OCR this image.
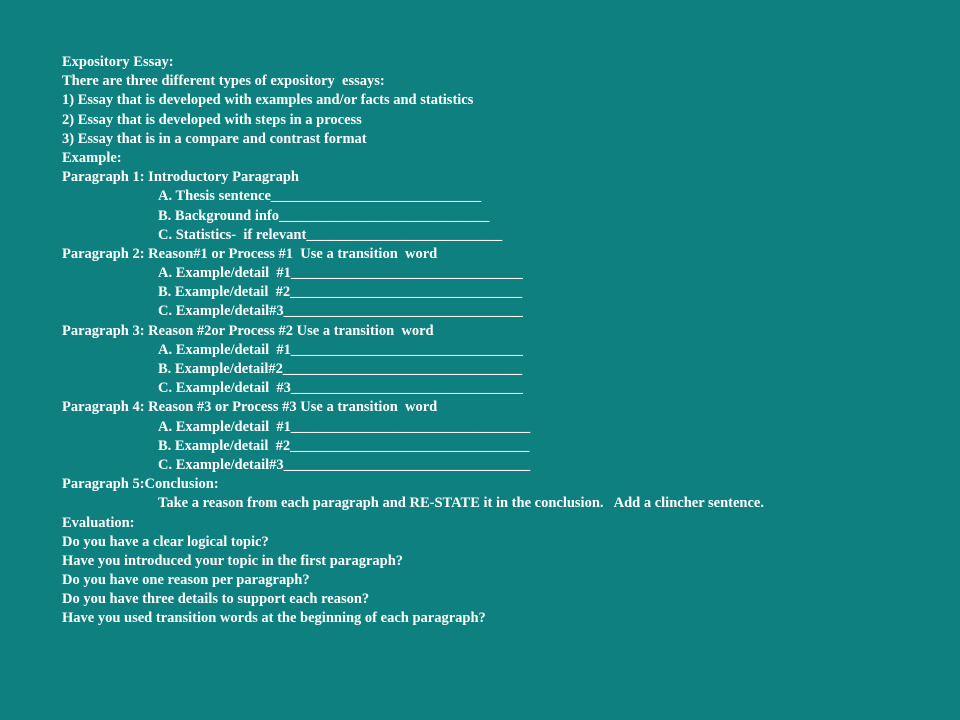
Expository Essay:
There are three different types of expository  essays:
1) Essay that is developed with examples and/or facts and statistics
2) Essay that is developed with steps in a process
3) Essay that is in a compare and contrast format
Example:
Paragraph 1: Introductory Paragraph
A. Thesis sentence_____________________________
B. Background info_____________________________
C. Statistics-  if relevant___________________________
Paragraph 2: Reason#1 or Process #1  Use a transition  word
A. Example/detail  #1________________________________
B. Example/detail  #2________________________________
C. Example/detail#3_________________________________
Paragraph 3: Reason #2or Process #2 Use a transition  word
A. Example/detail  #1________________________________
B. Example/detail#2_________________________________
C. Example/detail  #3________________________________
Paragraph 4: Reason #3 or Process #3 Use a transition  word
A. Example/detail  #1_________________________________
B. Example/detail  #2_________________________________
C. Example/detail#3__________________________________
Paragraph 5:Conclusion:
Take a reason from each paragraph and RE-STATE it in the conclusion.   Add a clincher sentence.
Evaluation:
Do you have a clear logical topic?
Have you introduced your topic in the first paragraph?
Do you have one reason per paragraph?
Do you have three details to support each reason?
Have you used transition words at the beginning of each paragraph?
